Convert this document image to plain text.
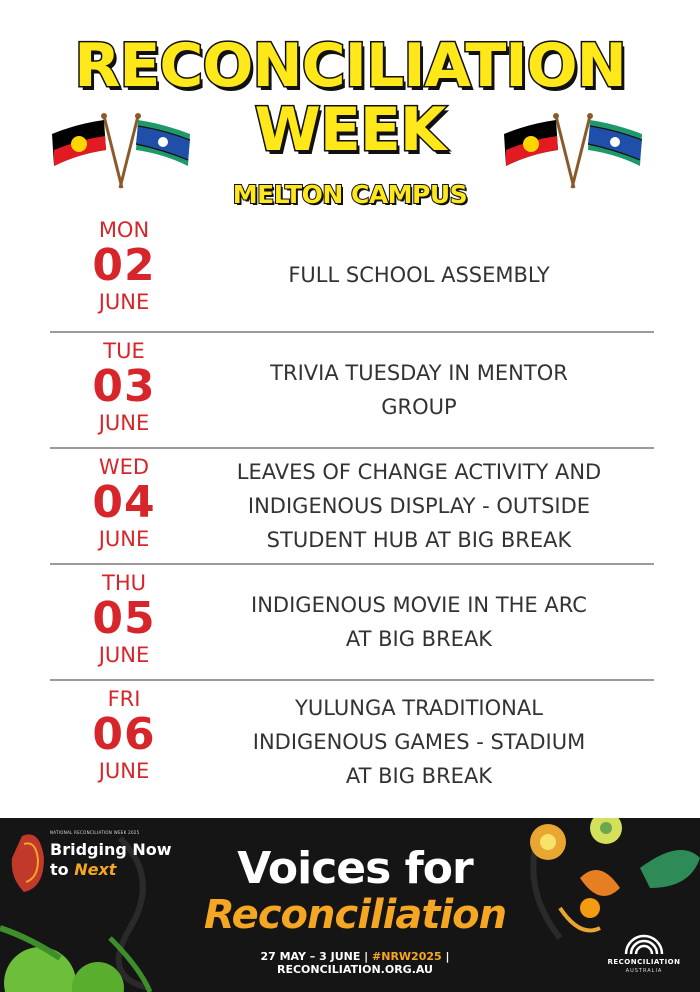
RECONCILIATION
WEEK
MELTON CAMPUS
MON
02
JUNE
FULL SCHOOL ASSEMBLY
TUE
03
JUNE
TRIVIA TUESDAY IN MENTOR
GROUP
WED
04
JUNE
LEAVES OF CHANGE ACTIVITY AND
INDIGENOUS DISPLAY - OUTSIDE
STUDENT HUB AT BIG BREAK
THU
05
JUNE
INDIGENOUS MOVIE IN THE ARC
AT BIG BREAK
FRI
06
JUNE
YULUNGA TRADITIONAL
INDIGENOUS GAMES - STADIUM
AT BIG BREAK
NATIONAL RECONCILIATION WEEK 2025
Bridging Now
to Next	Voices for
Reconciliation
27 MAY – 3 JUNE | #NRW2025 | RECONCILIATION.ORG.AU
RECONCILIATION
AUSTRALIA
